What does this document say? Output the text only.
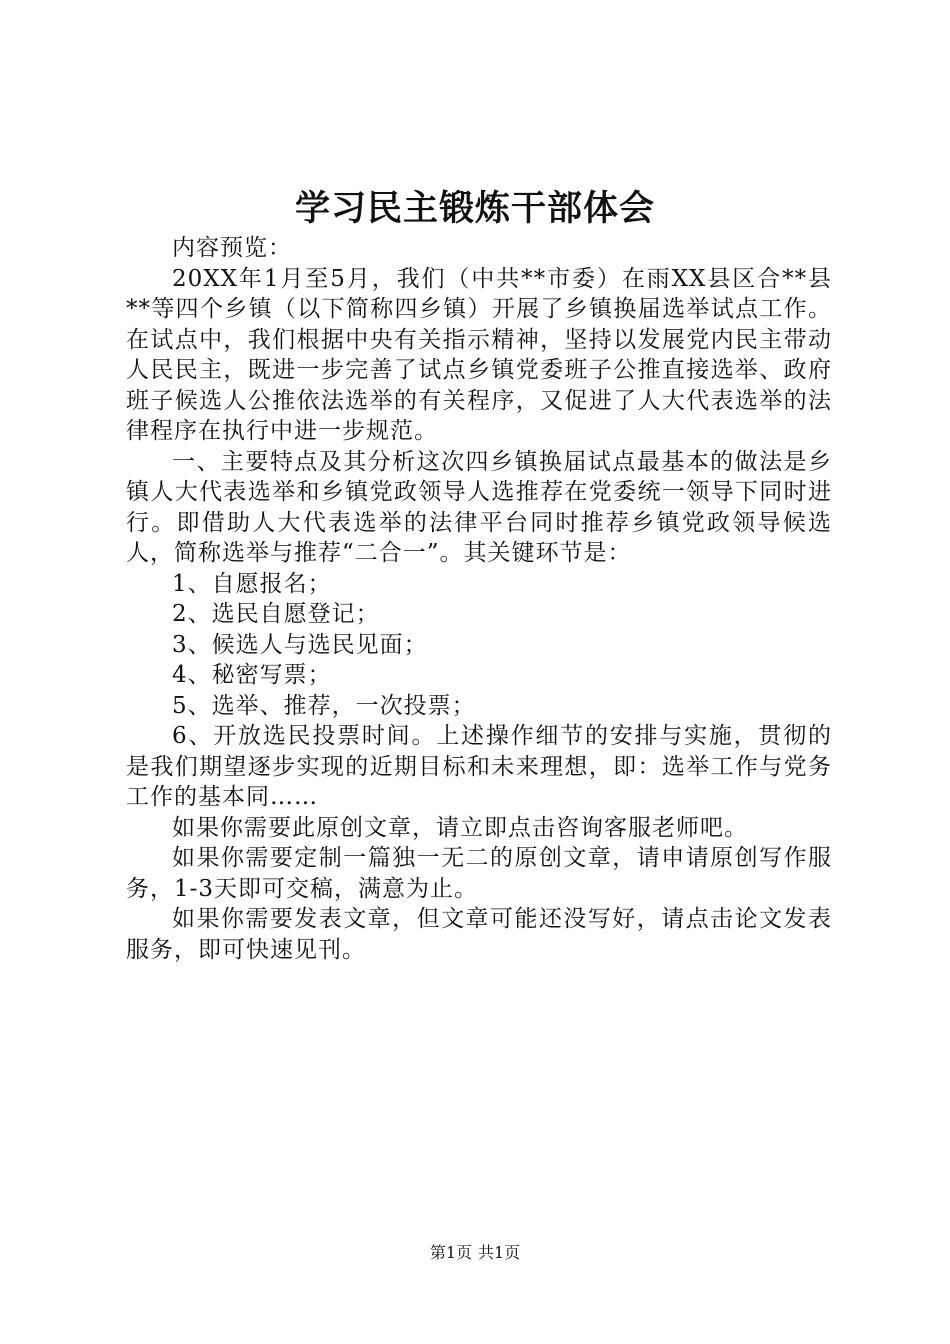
学习民主锻炼干部体会

内容预览：

20XX年1月至5月，我们（中共**市委）在雨XX县区合**县**等四个乡镇（以下简称四乡镇）开展了乡镇换届选举试点工作。在试点中，我们根据中央有关指示精神，坚持以发展党内民主带动人民民主，既进一步完善了试点乡镇党委班子公推直接选举、政府班子候选人公推依法选举的有关程序，又促进了人大代表选举的法律程序在执行中进一步规范。

一、主要特点及其分析这次四乡镇换届试点最基本的做法是乡镇人大代表选举和乡镇党政领导人选推荐在党委统一领导下同时进行。即借助人大代表选举的法律平台同时推荐乡镇党政领导候选人，简称选举与推荐“二合一”。其关键环节是：

1、自愿报名；

2、选民自愿登记；

3、候选人与选民见面；

4、秘密写票；

5、选举、推荐，一次投票；

6、开放选民投票时间。上述操作细节的安排与实施，贯彻的是我们期望逐步实现的近期目标和未来理想，即：选举工作与党务工作的基本同……

如果你需要此原创文章，请立即点击咨询客服老师吧。

如果你需要定制一篇独一无二的原创文章，请申请原创写作服务，1-3天即可交稿，满意为止。

如果你需要发表文章，但文章可能还没写好，请点击论文发表服务，即可快速见刊。

第1页 共1页
